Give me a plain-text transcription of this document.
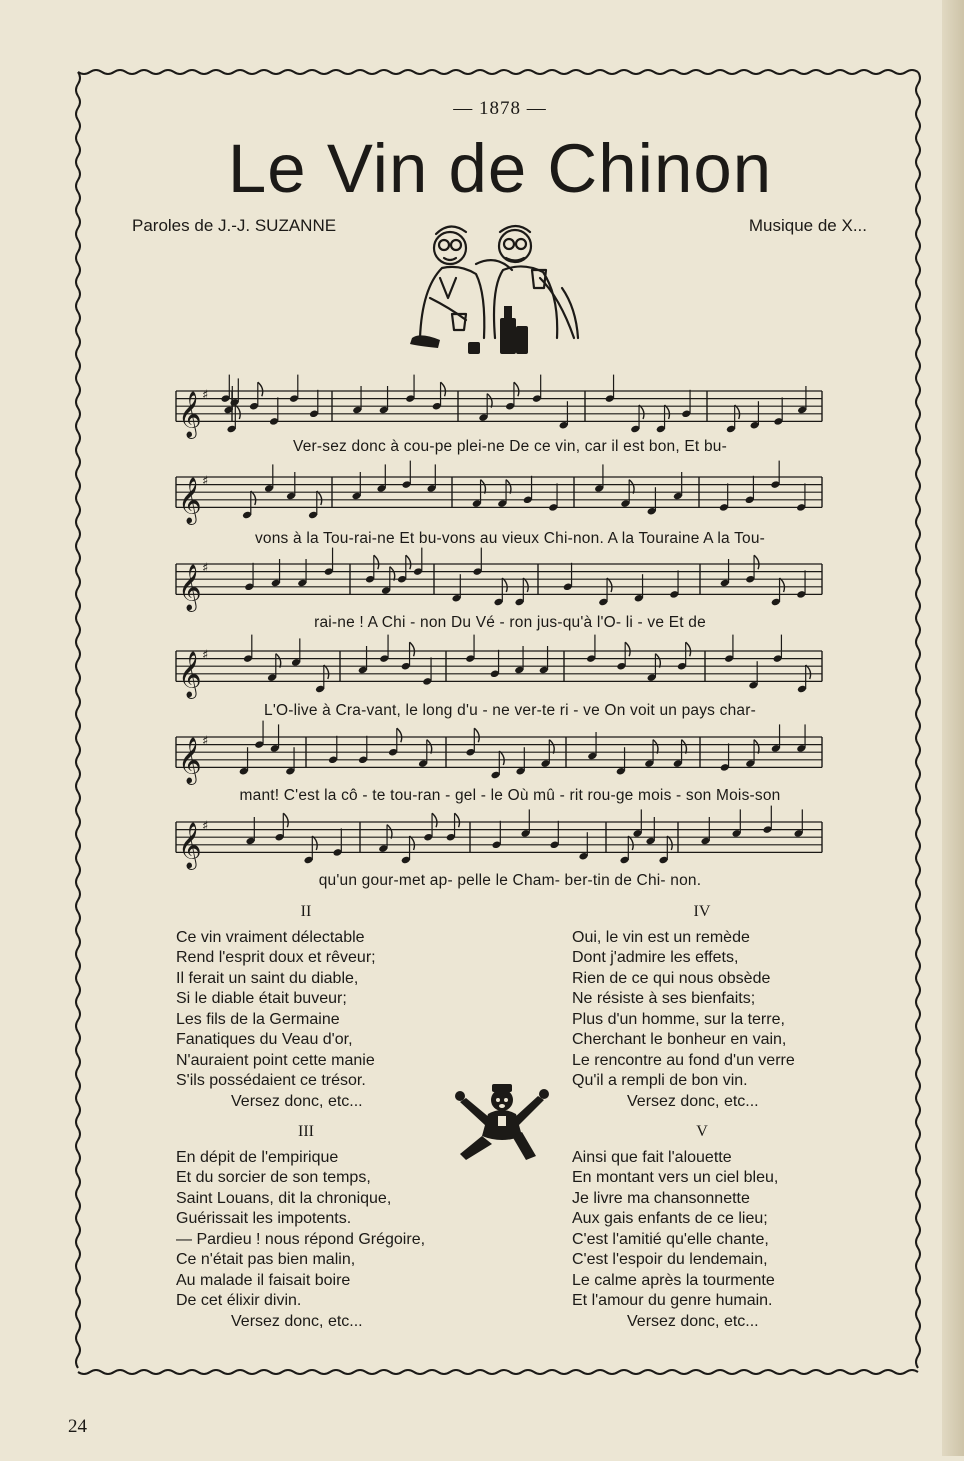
— 1878 —
Le Vin de Chinon
Paroles de J.-J. SUZANNE	Musique de X...
𝄞 ♯
𝄞 ♯
𝄞 ♯
𝄞 ♯
𝄞 ♯
𝄞 ♯
Ver-sez donc à cou-pe plei-ne De ce vin, car il est bon, Et bu-
vons à la Tou-rai-ne Et bu-vons au vieux Chi-non. A la Touraine A la Tou-
rai-ne ! A Chi - non Du Vé - ron jus-qu'à l'O- li - ve Et de
L'O-live à Cra-vant, le long d'u - ne ver-te ri - ve On voit un pays char-
mant! C'est la cô - te tou-ran - gel - le Où mû - rit rou-ge mois - son Mois-son
qu'un gour-met ap- pelle le Cham- ber-tin de Chi- non.
II
Ce vin vraiment délectable
Rend l'esprit doux et rêveur;
Il ferait un saint du diable,
Si le diable était buveur;
Les fils de la Germaine
Fanatiques du Veau d'or,
N'auraient point cette manie
S'ils possédaient ce trésor.
Versez donc, etc...
III
En dépit de l'empirique
Et du sorcier de son temps,
Saint Louans, dit la chronique,
Guérissait les impotents.
— Pardieu ! nous répond Grégoire,
Ce n'était pas bien malin,
Au malade il faisait boire
De cet élixir divin.
Versez donc, etc...
IV
Oui, le vin est un remède
Dont j'admire les effets,
Rien de ce qui nous obsède
Ne résiste à ses bienfaits;
Plus d'un homme, sur la terre,
Cherchant le bonheur en vain,
Le rencontre au fond d'un verre
Qu'il a rempli de bon vin.
Versez donc, etc...
V
Ainsi que fait l'alouette
En montant vers un ciel bleu,
Je livre ma chansonnette
Aux gais enfants de ce lieu;
C'est l'amitié qu'elle chante,
C'est l'espoir du lendemain,
Le calme après la tourmente
Et l'amour du genre humain.
Versez donc, etc...
24
